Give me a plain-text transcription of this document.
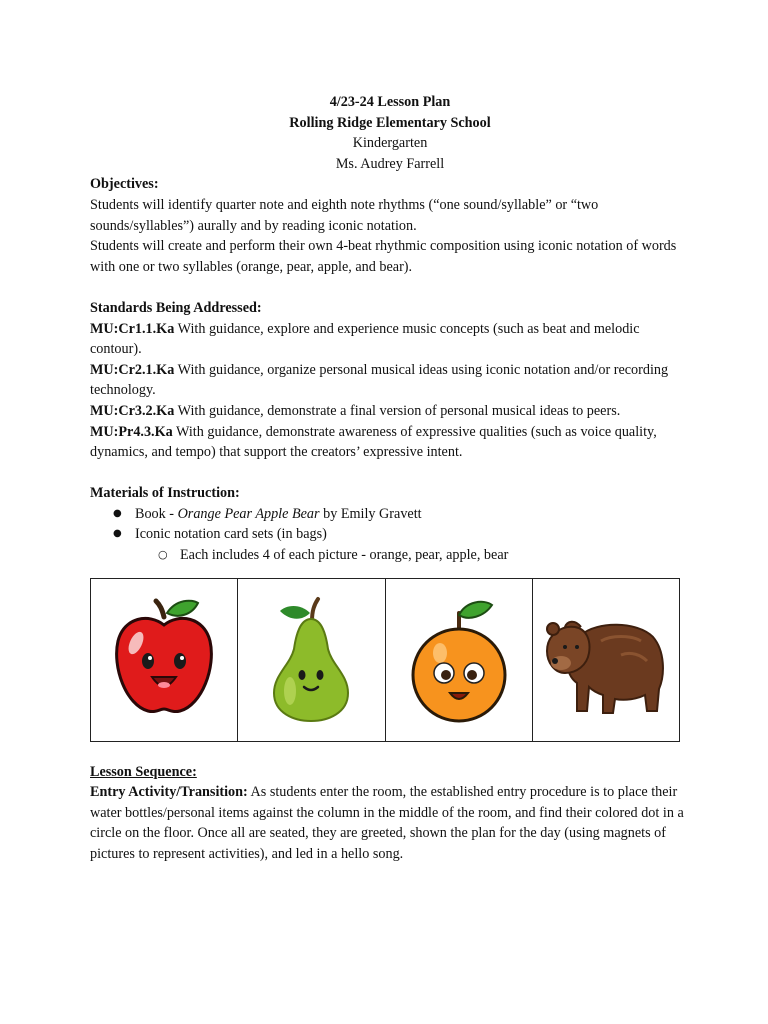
4/23-24 Lesson Plan

Rolling Ridge Elementary School

Kindergarten

Ms. Audrey Farrell

Objectives:

Students will identify quarter note and eighth note rhythms (“one sound/syllable” or “two sounds/syllables”) aurally and by reading iconic notation.

Students will create and perform their own 4-beat rhythmic composition using iconic notation of words with one or two syllables (orange, pear, apple, and bear).

Standards Being Addressed:

MU:Cr1.1.Ka With guidance, explore and experience music concepts (such as beat and melodic contour).

MU:Cr2.1.Ka With guidance, organize personal musical ideas using iconic notation and/or recording technology.

MU:Cr3.2.Ka With guidance, demonstrate a final version of personal musical ideas to peers.

MU:Pr4.3.Ka With guidance, demonstrate awareness of expressive qualities (such as voice quality, dynamics, and tempo) that support the creators’ expressive intent.

Materials of Instruction:

● Book - Orange Pear Apple Bear by Emily Gravett
● Iconic notation card sets (in bags)
○ Each includes 4 of each picture - orange, pear, apple, bear

Lesson Sequence:

Entry Activity/Transition: As students enter the room, the established entry procedure is to place their water bottles/personal items against the column in the middle of the room, and find their colored dot in a circle on the floor. Once all are seated, they are greeted, shown the plan for the day (using magnets of pictures to represent activities), and led in a hello song.
